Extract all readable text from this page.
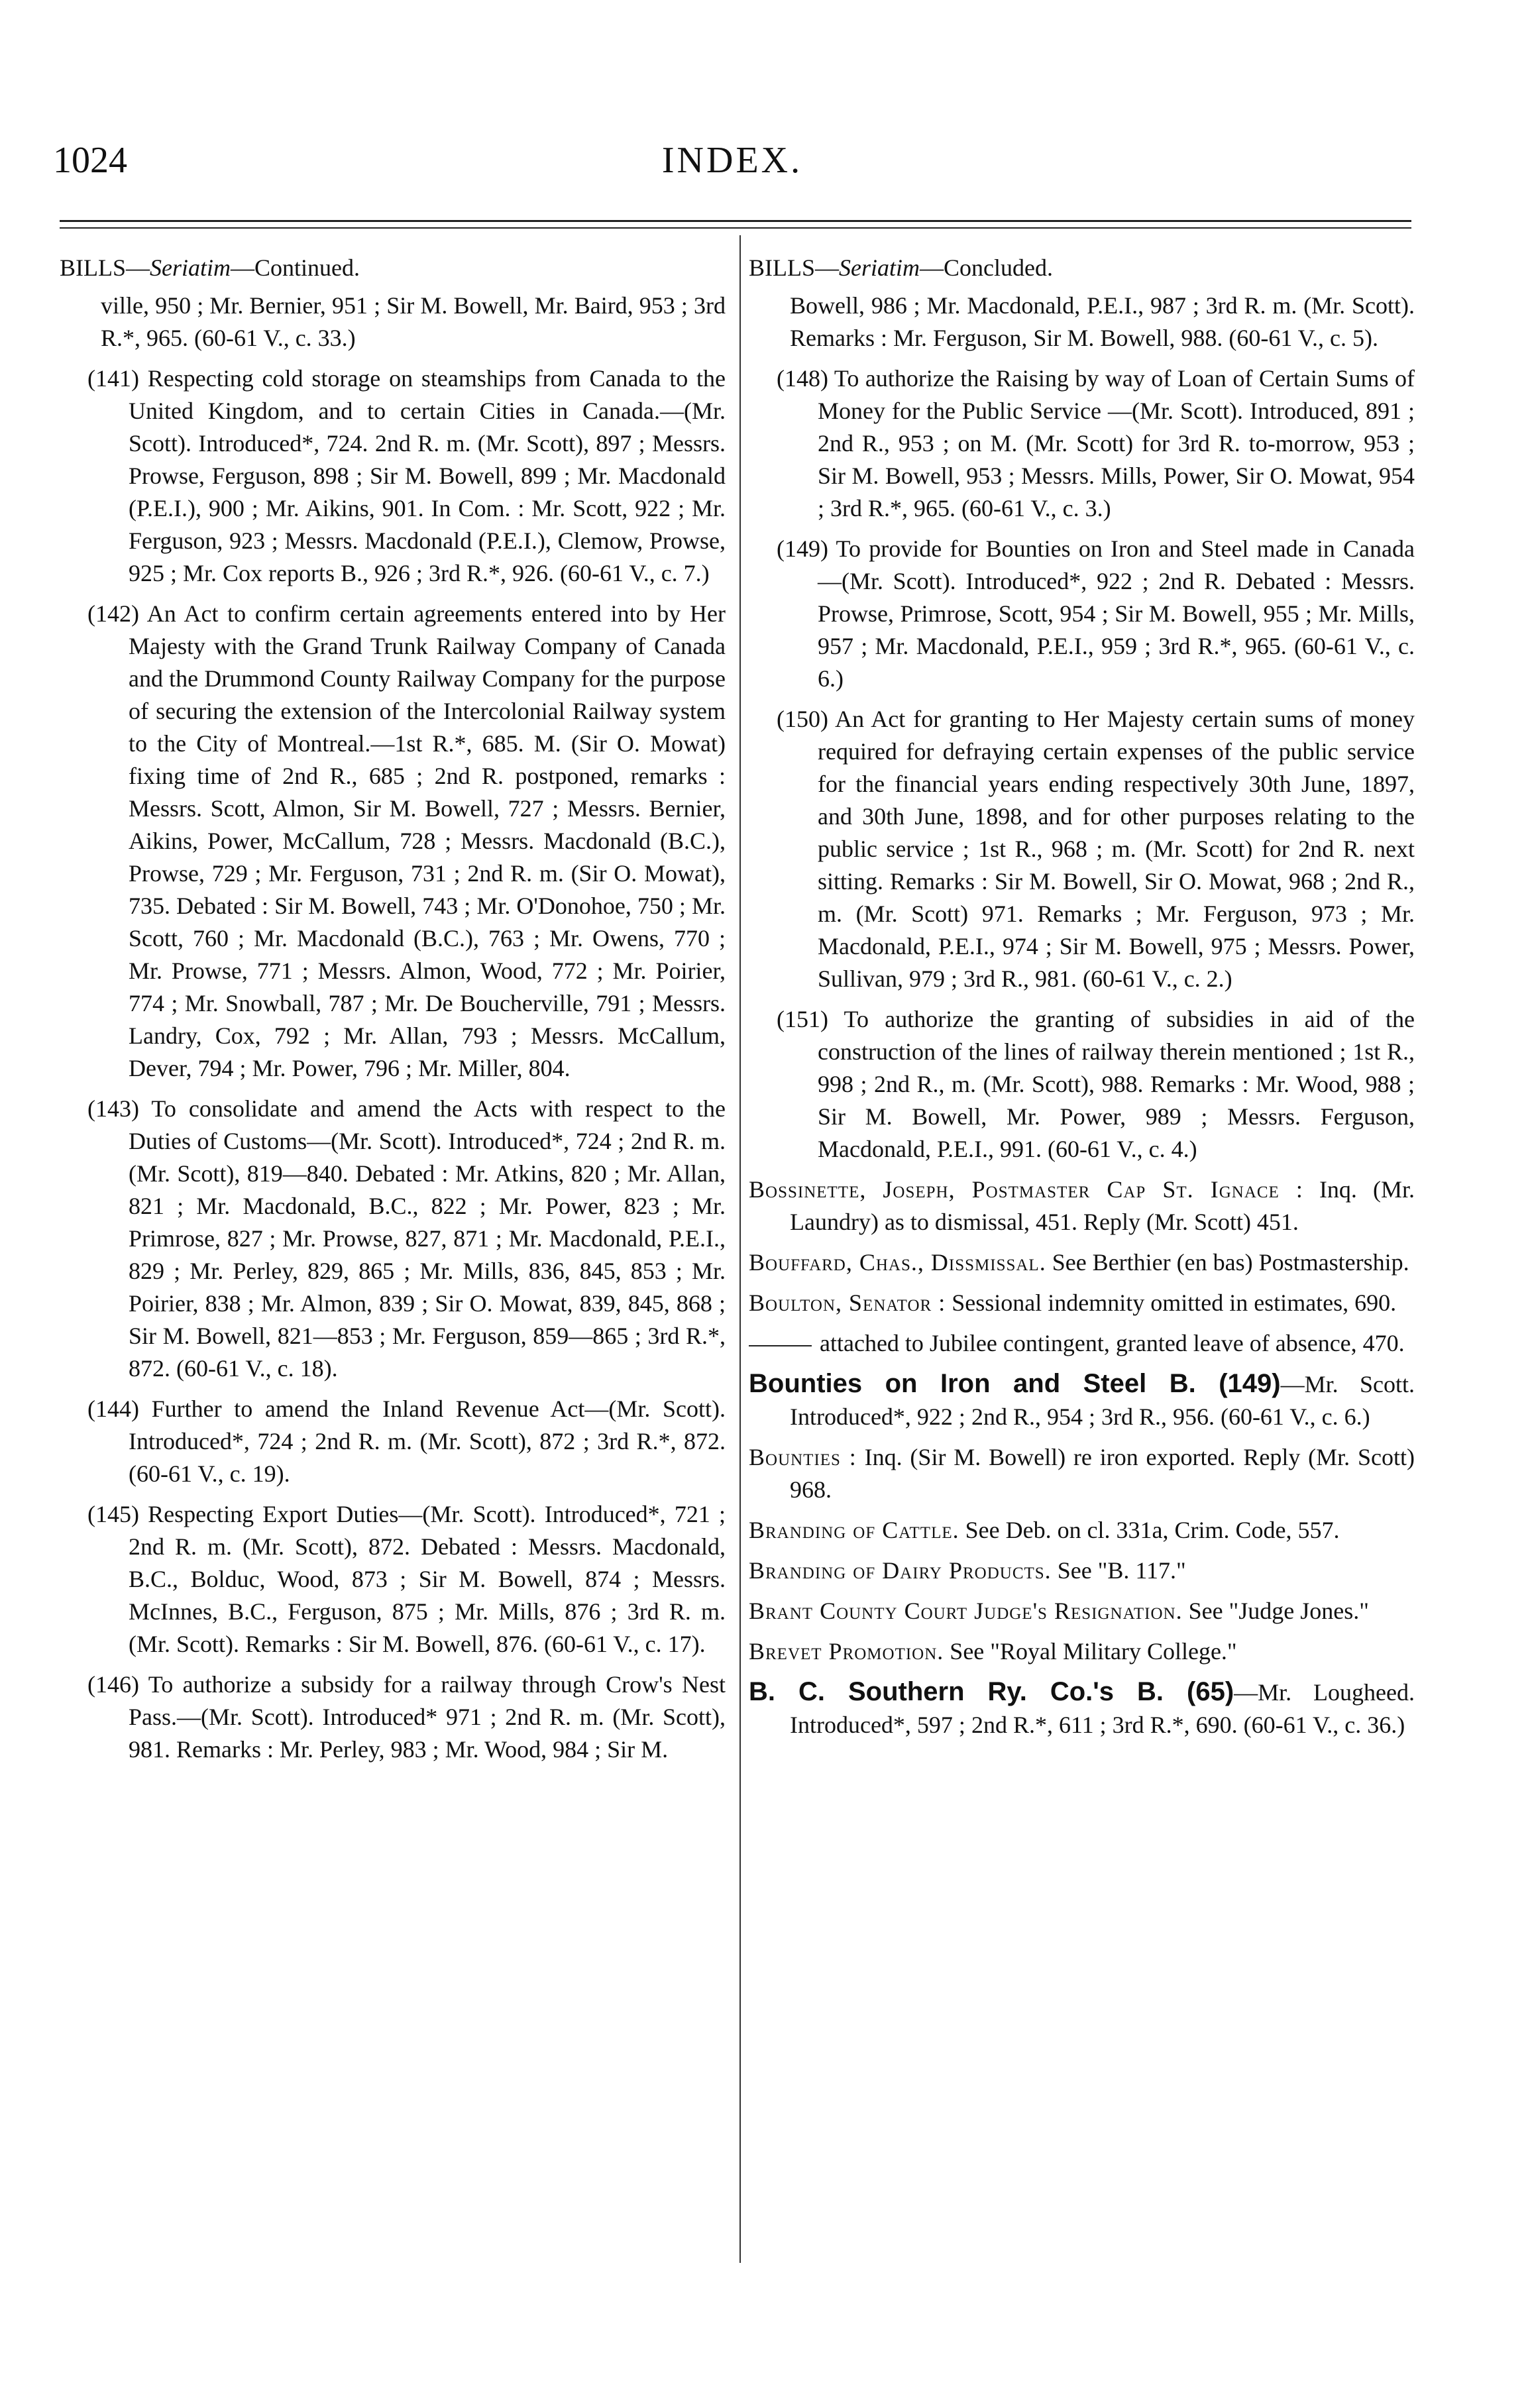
1024	INDEX.
BILLS—Seriatim—Continued.

ville, 950 ; Mr. Bernier, 951 ; Sir M. Bowell, Mr. Baird, 953 ; 3rd R.*, 965. (60-61 V., c. 33.)

(141) Respecting cold storage on steamships from Canada to the United Kingdom, and to certain Cities in Canada.—(Mr. Scott). Introduced*, 724. 2nd R. m. (Mr. Scott), 897 ; Messrs. Prowse, Ferguson, 898 ; Sir M. Bowell, 899 ; Mr. Macdonald (P.E.I.), 900 ; Mr. Aikins, 901. In Com. : Mr. Scott, 922 ; Mr. Ferguson, 923 ; Messrs. Macdonald (P.E.I.), Clemow, Prowse, 925 ; Mr. Cox reports B., 926 ; 3rd R.*, 926. (60-61 V., c. 7.)

(142) An Act to confirm certain agreements entered into by Her Majesty with the Grand Trunk Railway Company of Canada and the Drummond County Railway Company for the purpose of securing the extension of the Intercolonial Railway system to the City of Montreal.—1st R.*, 685. M. (Sir O. Mowat) fixing time of 2nd R., 685 ; 2nd R. postponed, remarks : Messrs. Scott, Almon, Sir M. Bowell, 727 ; Messrs. Bernier, Aikins, Power, McCallum, 728 ; Messrs. Macdonald (B.C.), Prowse, 729 ; Mr. Ferguson, 731 ; 2nd R. m. (Sir O. Mowat), 735. Debated : Sir M. Bowell, 743 ; Mr. O'Donohoe, 750 ; Mr. Scott, 760 ; Mr. Macdonald (B.C.), 763 ; Mr. Owens, 770 ; Mr. Prowse, 771 ; Messrs. Almon, Wood, 772 ; Mr. Poirier, 774 ; Mr. Snowball, 787 ; Mr. De Boucherville, 791 ; Messrs. Landry, Cox, 792 ; Mr. Allan, 793 ; Messrs. McCallum, Dever, 794 ; Mr. Power, 796 ; Mr. Miller, 804.

(143) To consolidate and amend the Acts with respect to the Duties of Customs—(Mr. Scott). Introduced*, 724 ; 2nd R. m. (Mr. Scott), 819—840. Debated : Mr. Atkins, 820 ; Mr. Allan, 821 ; Mr. Macdonald, B.C., 822 ; Mr. Power, 823 ; Mr. Primrose, 827 ; Mr. Prowse, 827, 871 ; Mr. Macdonald, P.E.I., 829 ; Mr. Perley, 829, 865 ; Mr. Mills, 836, 845, 853 ; Mr. Poirier, 838 ; Mr. Almon, 839 ; Sir O. Mowat, 839, 845, 868 ; Sir M. Bowell, 821—853 ; Mr. Ferguson, 859—865 ; 3rd R.*, 872. (60-61 V., c. 18).

(144) Further to amend the Inland Revenue Act—(Mr. Scott). Introduced*, 724 ; 2nd R. m. (Mr. Scott), 872 ; 3rd R.*, 872. (60-61 V., c. 19).

(145) Respecting Export Duties—(Mr. Scott). Introduced*, 721 ; 2nd R. m. (Mr. Scott), 872. Debated : Messrs. Macdonald, B.C., Bolduc, Wood, 873 ; Sir M. Bowell, 874 ; Messrs. McInnes, B.C., Ferguson, 875 ; Mr. Mills, 876 ; 3rd R. m. (Mr. Scott). Remarks : Sir M. Bowell, 876. (60-61 V., c. 17).

(146) To authorize a subsidy for a railway through Crow's Nest Pass.—(Mr. Scott). Introduced* 971 ; 2nd R. m. (Mr. Scott), 981. Remarks : Mr. Perley, 983 ; Mr. Wood, 984 ; Sir M.

BILLS—Seriatim—Concluded.

Bowell, 986 ; Mr. Macdonald, P.E.I., 987 ; 3rd R. m. (Mr. Scott). Remarks : Mr. Ferguson, Sir M. Bowell, 988. (60-61 V., c. 5).

(148) To authorize the Raising by way of Loan of Certain Sums of Money for the Public Service —(Mr. Scott). Introduced, 891 ; 2nd R., 953 ; on M. (Mr. Scott) for 3rd R. to-morrow, 953 ; Sir M. Bowell, 953 ; Messrs. Mills, Power, Sir O. Mowat, 954 ; 3rd R.*, 965. (60-61 V., c. 3.)

(149) To provide for Bounties on Iron and Steel made in Canada—(Mr. Scott). Introduced*, 922 ; 2nd R. Debated : Messrs. Prowse, Primrose, Scott, 954 ; Sir M. Bowell, 955 ; Mr. Mills, 957 ; Mr. Macdonald, P.E.I., 959 ; 3rd R.*, 965. (60-61 V., c. 6.)

(150) An Act for granting to Her Majesty certain sums of money required for defraying certain expenses of the public service for the financial years ending respectively 30th June, 1897, and 30th June, 1898, and for other purposes relating to the public service ; 1st R., 968 ; m. (Mr. Scott) for 2nd R. next sitting. Remarks : Sir M. Bowell, Sir O. Mowat, 968 ; 2nd R., m. (Mr. Scott) 971. Remarks ; Mr. Ferguson, 973 ; Mr. Macdonald, P.E.I., 974 ; Sir M. Bowell, 975 ; Messrs. Power, Sullivan, 979 ; 3rd R., 981. (60-61 V., c. 2.)

(151) To authorize the granting of subsidies in aid of the construction of the lines of railway therein mentioned ; 1st R., 998 ; 2nd R., m. (Mr. Scott), 988. Remarks : Mr. Wood, 988 ; Sir M. Bowell, Mr. Power, 989 ; Messrs. Ferguson, Macdonald, P.E.I., 991. (60-61 V., c. 4.)

Bossinette, Joseph, Postmaster Cap St. Ignace : Inq. (Mr. Laundry) as to dismissal, 451. Reply (Mr. Scott) 451.

Bouffard, Chas., Dissmissal. See Berthier (en bas) Postmastership.

Boulton, Senator : Sessional indemnity omitted in estimates, 690.

attached to Jubilee contingent, granted leave of absence, 470.

Bounties on Iron and Steel B. (149)—Mr. Scott. Introduced*, 922 ; 2nd R., 954 ; 3rd R., 956. (60-61 V., c. 6.)

Bounties : Inq. (Sir M. Bowell) re iron exported. Reply (Mr. Scott) 968.

Branding of Cattle. See Deb. on cl. 331a, Crim. Code, 557.

Branding of Dairy Products. See "B. 117."

Brant County Court Judge's Resignation. See "Judge Jones."

Brevet Promotion. See "Royal Military College."

B. C. Southern Ry. Co.'s B. (65)—Mr. Lougheed. Introduced*, 597 ; 2nd R.*, 611 ; 3rd R.*, 690. (60-61 V., c. 36.)
